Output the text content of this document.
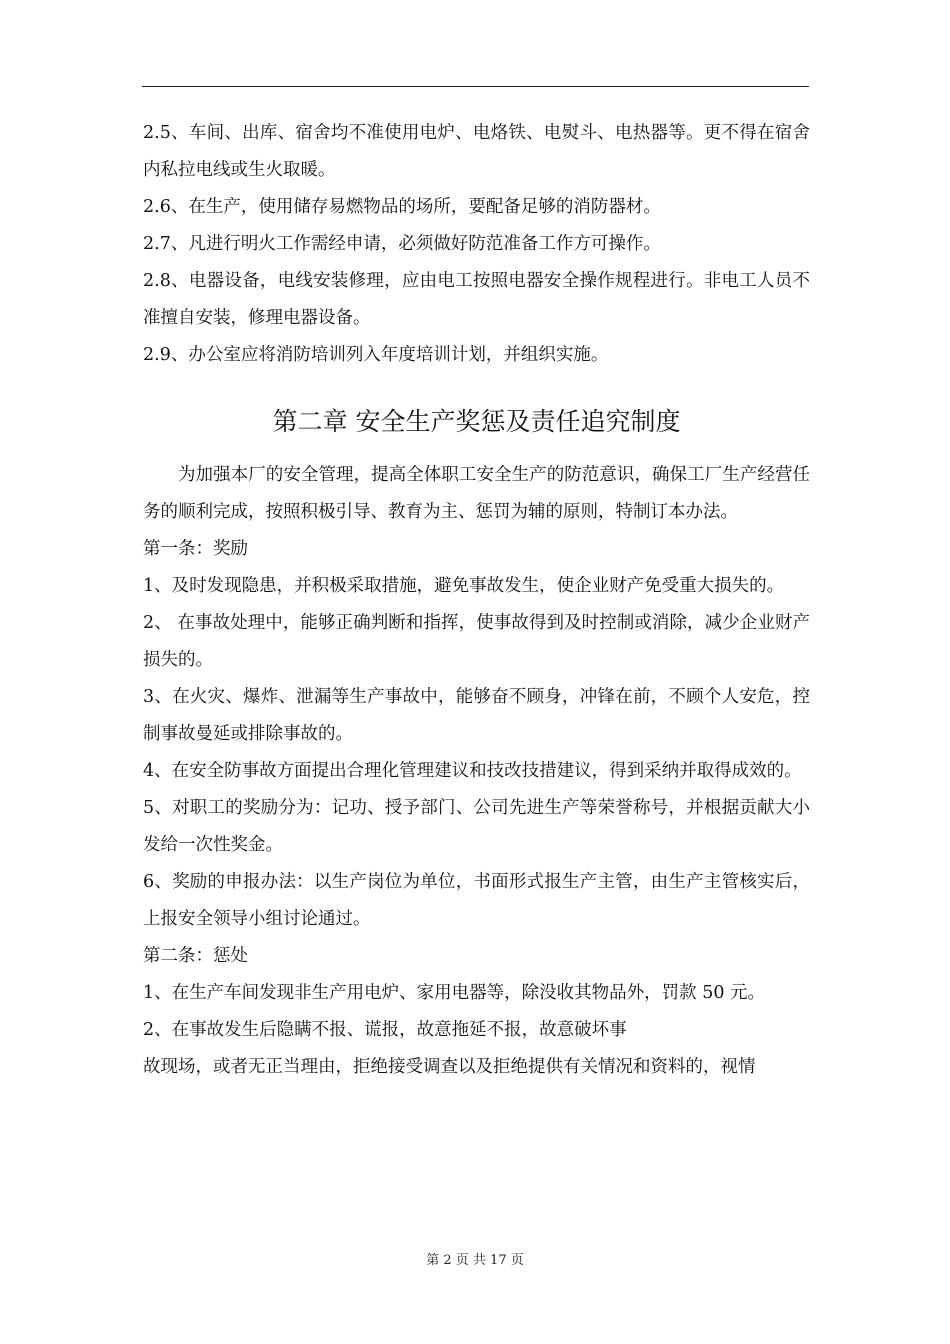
2.5、车间、出库、宿舍均不准使用电炉、电烙铁、电熨斗、电热器等。更不得在宿舍内私拉电线或生火取暖。

2.6、在生产，使用储存易燃物品的场所，要配备足够的消防器材。

2.7、凡进行明火工作需经申请，必须做好防范准备工作方可操作。

2.8、电器设备，电线安装修理，应由电工按照电器安全操作规程进行。非电工人员不准擅自安装，修理电器设备。

2.9、办公室应将消防培训列入年度培训计划，并组织实施。

第二章 安全生产奖惩及责任追究制度

为加强本厂的安全管理，提高全体职工安全生产的防范意识，确保工厂生产经营任务的顺利完成，按照积极引导、教育为主、惩罚为辅的原则，特制订本办法。

第一条：奖励

1、及时发现隐患，并积极采取措施，避免事故发生，使企业财产免受重大损失的。

2、 在事故处理中，能够正确判断和指挥，使事故得到及时控制或消除，减少企业财产损失的。

3、在火灾、爆炸、泄漏等生产事故中，能够奋不顾身，冲锋在前，不顾个人安危，控制事故曼延或排除事故的。

4、在安全防事故方面提出合理化管理建议和技改技措建议，得到采纳并取得成效的。

5、对职工的奖励分为：记功、授予部门、公司先进生产等荣誉称号，并根据贡献大小发给一次性奖金。

6、奖励的申报办法：以生产岗位为单位，书面形式报生产主管，由生产主管核实后，上报安全领导小组讨论通过。

第二条：惩处

1、在生产车间发现非生产用电炉、家用电器等，除没收其物品外，罚款 50 元。

2、在事故发生后隐瞒不报、谎报，故意拖延不报，故意破坏事

故现场，或者无正当理由，拒绝接受调查以及拒绝提供有关情况和资料的，视情

第 2 页 共 17 页
